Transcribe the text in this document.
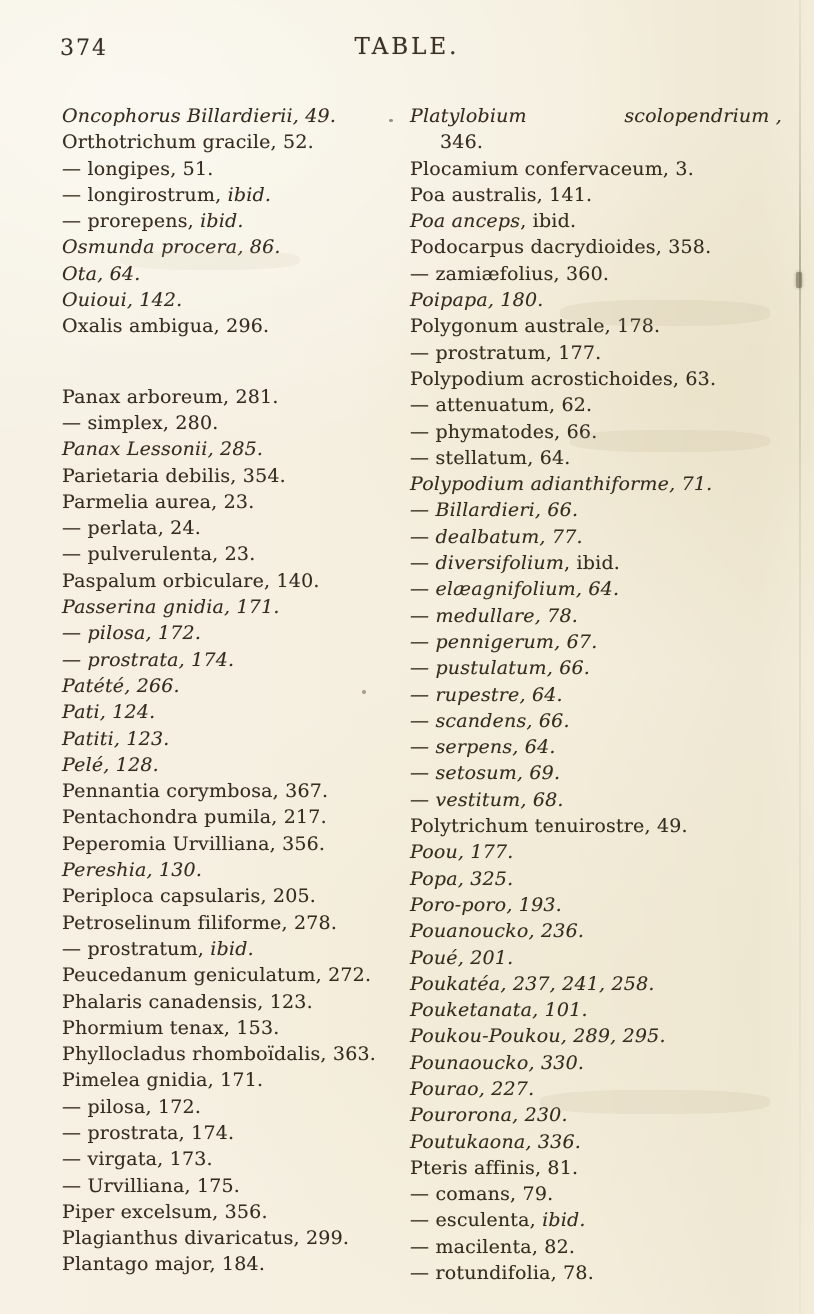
374	TABLE.
Oncophorus Billardierii, 49.
Orthotrichum gracile, 52.
— longipes, 51.
— longirostrum, ibid.
— prorepens, ibid.
Osmunda procera, 86.
Ota, 64.
Ouioui, 142.
Oxalis ambigua, 296.
Panax arboreum, 281.
— simplex, 280.
Panax Lessonii, 285.
Parietaria debilis, 354.
Parmelia aurea, 23.
— perlata, 24.
— pulverulenta, 23.
Paspalum orbiculare, 140.
Passerina gnidia, 171.
— pilosa, 172.
— prostrata, 174.
Patété, 266.
Pati, 124.
Patiti, 123.
Pelé, 128.
Pennantia corymbosa, 367.
Pentachondra pumila, 217.
Peperomia Urvilliana, 356.
Pereshia, 130.
Periploca capsularis, 205.
Petroselinum filiforme, 278.
— prostratum, ibid.
Peucedanum geniculatum, 272.
Phalaris canadensis, 123.
Phormium tenax, 153.
Phyllocladus rhomboïdalis, 363.
Pimelea gnidia, 171.
— pilosa, 172.
— prostrata, 174.
— virgata, 173.
— Urvilliana, 175.
Piper excelsum, 356.
Plagianthus divaricatus, 299.
Plantago major, 184.
Platylobium	scolopendrium ,
346.
Plocamium confervaceum, 3.
Poa australis, 141.
Poa anceps, ibid.
Podocarpus dacrydioides, 358.
— zamiæfolius, 360.
Poipapa, 180.
Polygonum australe, 178.
— prostratum, 177.
Polypodium acrostichoides, 63.
— attenuatum, 62.
— phymatodes, 66.
— stellatum, 64.
Polypodium adianthiforme, 71.
— Billardieri, 66.
— dealbatum, 77.
— diversifolium, ibid.
— elæagnifolium, 64.
— medullare, 78.
— pennigerum, 67.
— pustulatum, 66.
— rupestre, 64.
— scandens, 66.
— serpens, 64.
— setosum, 69.
— vestitum, 68.
Polytrichum tenuirostre, 49.
Poou, 177.
Popa, 325.
Poro-poro, 193.
Pouanoucko, 236.
Poué, 201.
Poukatéa, 237, 241, 258.
Pouketanata, 101.
Poukou-Poukou, 289, 295.
Pounaoucko, 330.
Pourao, 227.
Pourorona, 230.
Poutukaona, 336.
Pteris affinis, 81.
— comans, 79.
— esculenta, ibid.
— macilenta, 82.
— rotundifolia, 78.
